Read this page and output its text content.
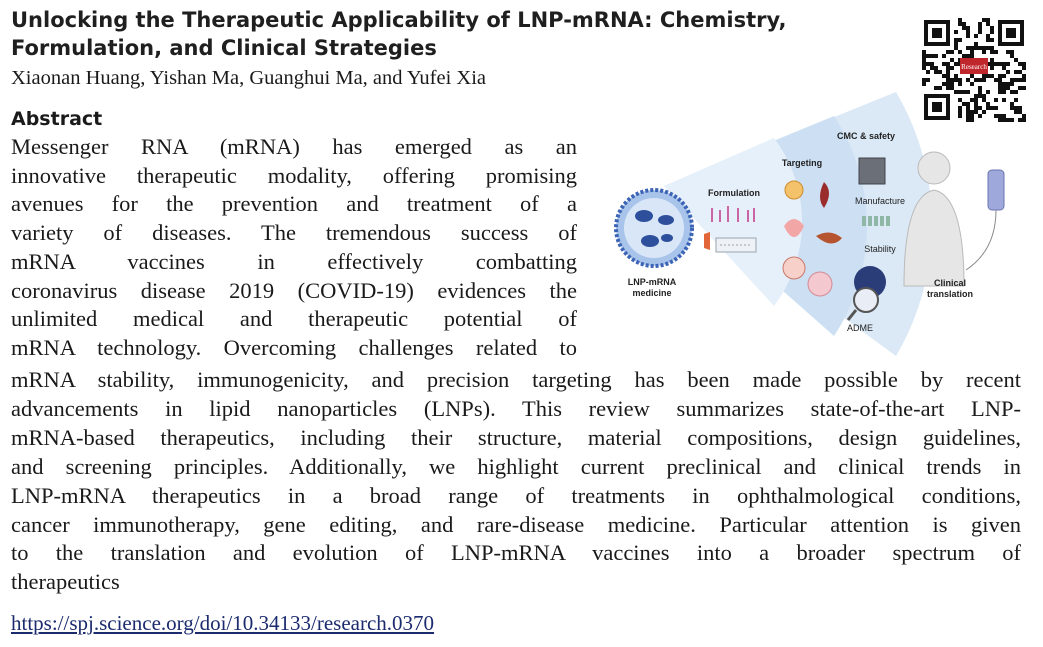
Unlocking the Therapeutic Applicability of LNP-mRNA: Chemistry,
Formulation, and Clinical Strategies
Xiaonan Huang, Yishan Ma, Guanghui Ma, and Yufei Xia
Abstract
Messenger RNA (mRNA) has emerged as an
innovative therapeutic modality, offering promising
avenues for the prevention and treatment of a
variety of diseases. The tremendous success of
mRNA vaccines in effectively combatting
coronavirus disease 2019 (COVID-19) evidences the
unlimited medical and therapeutic potential of
mRNA technology. Overcoming challenges related to
mRNA stability, immunogenicity, and precision targeting has been made possible by recent
advancements in lipid nanoparticles (LNPs). This review summarizes state-of-the-art LNP-
mRNA-based therapeutics, including their structure, material compositions, design guidelines,
and screening principles. Additionally, we highlight current preclinical and clinical trends in
LNP-mRNA therapeutics in a broad range of treatments in ophthalmological conditions,
cancer immunotherapy, gene editing, and rare-disease medicine. Particular attention is given
to the translation and evolution of LNP-mRNA vaccines into a broader spectrum of
therapeutics
https://spj.science.org/doi/10.34133/research.0370
Research
LNP-mRNA
medicine
Formulation
Targeting
CMC & safety
Manufacture
Stability
ADME
Clinical
translation
